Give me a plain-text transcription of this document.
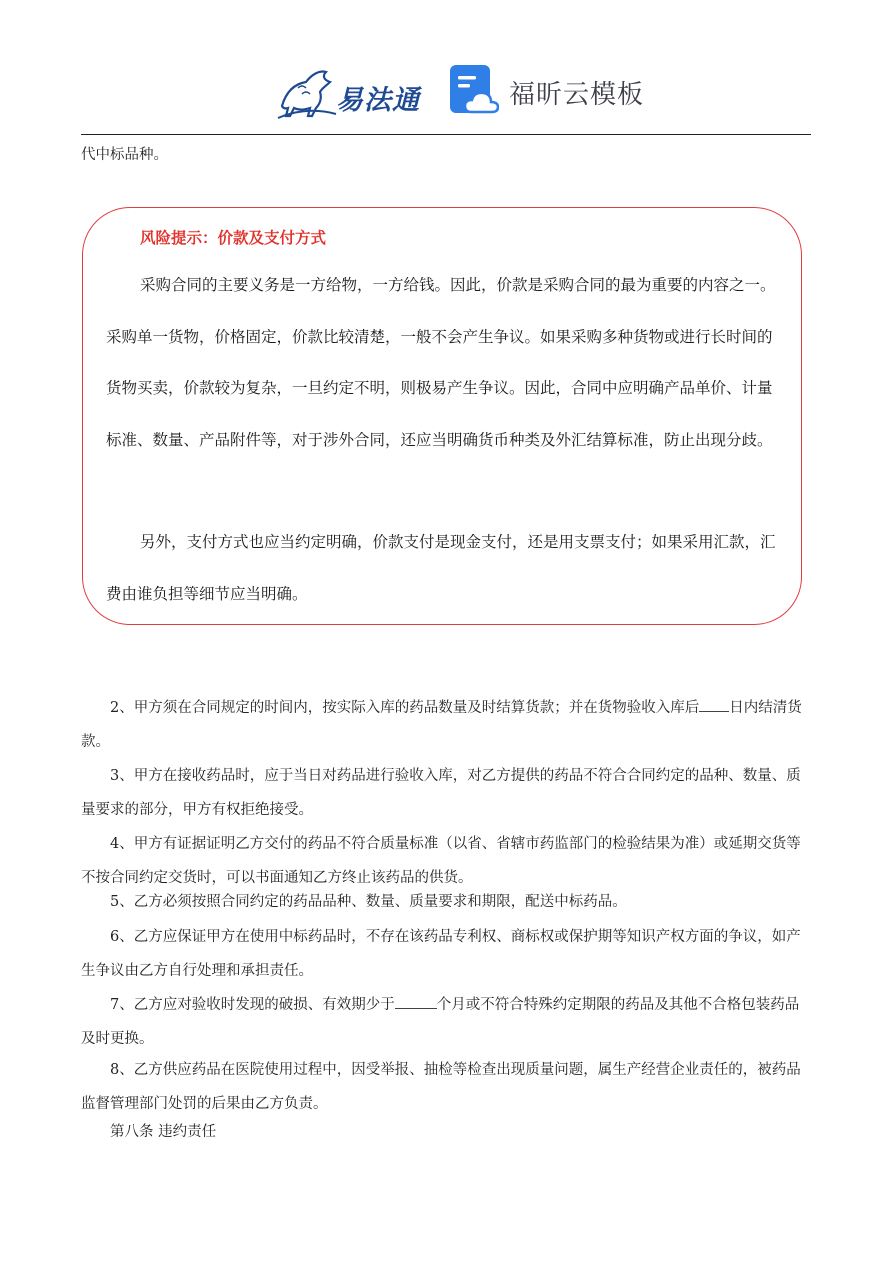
易法通	福昕云模板

代中标品种。

风险提示：价款及支付方式

采购合同的主要义务是一方给物，一方给钱。因此，价款是采购合同的最为重要的内容之一。采购单一货物，价格固定，价款比较清楚，一般不会产生争议。如果采购多种货物或进行长时间的货物买卖，价款较为复杂，一旦约定不明，则极易产生争议。因此，合同中应明确产品单价、计量标准、数量、产品附件等，对于涉外合同，还应当明确货币种类及外汇结算标准，防止出现分歧。

另外，支付方式也应当约定明确，价款支付是现金支付，还是用支票支付；如果采用汇款，汇费由谁负担等细节应当明确。

2、甲方须在合同规定的时间内，按实际入库的药品数量及时结算货款；并在货物验收入库后 日内结清货款。

3、甲方在接收药品时，应于当日对药品进行验收入库，对乙方提供的药品不符合合同约定的品种、数量、质量要求的部分，甲方有权拒绝接受。

4、甲方有证据证明乙方交付的药品不符合质量标准（以省、省辖市药监部门的检验结果为准）或延期交货等不按合同约定交货时，可以书面通知乙方终止该药品的供货。

5、乙方必须按照合同约定的药品品种、数量、质量要求和期限，配送中标药品。

6、乙方应保证甲方在使用中标药品时，不存在该药品专利权、商标权或保护期等知识产权方面的争议，如产生争议由乙方自行处理和承担责任。

7、乙方应对验收时发现的破损、有效期少于	个月或不符合特殊约定期限的药品及其他不合格包装药品及时更换。

8、乙方供应药品在医院使用过程中，因受举报、抽检等检查出现质量问题，属生产经营企业责任的，被药品监督管理部门处罚的后果由乙方负责。

第八条 违约责任
